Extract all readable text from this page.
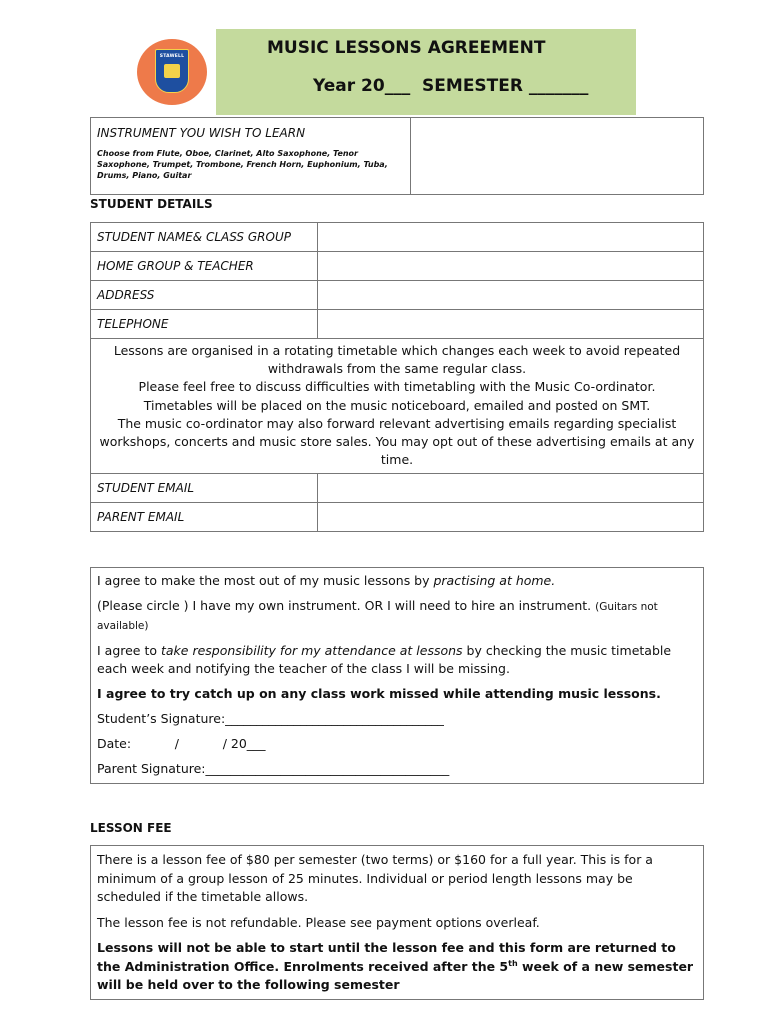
STAWELL	MUSIC LESSONS AGREEMENT
Year 20___  SEMESTER _______
INSTRUMENT YOU WISH TO LEARN
Choose from Flute, Oboe, Clarinet, Alto Saxophone, Tenor Saxophone, Trumpet, Trombone, French Horn, Euphonium, Tuba, Drums, Piano, Guitar

STUDENT DETAILS
STUDENT NAME& CLASS GROUP	
HOME GROUP & TEACHER	
ADDRESS	
TELEPHONE	

Lessons are organised in a rotating timetable which changes each week to avoid repeated withdrawals from the same regular class.
Please feel free to discuss difficulties with timetabling with the Music Co-ordinator.
Timetables will be placed on the music noticeboard, emailed and posted on SMT.
The music co-ordinator may also forward relevant advertising emails regarding specialist workshops, concerts and music store sales. You may opt out of these advertising emails at any time.	

STUDENT EMAIL	
PARENT EMAIL	

I agree to make the most out of my music lessons by practising at home.

(Please circle ) I have my own instrument. OR I will need to hire an instrument. (Guitars not available)

I agree to take responsibility for my attendance at lessons by checking the music timetable each week and notifying the teacher of the class I will be missing.

I agree to try catch up on any class work missed while attending music lessons.

Student’s Signature:___________________________________

Date:           /           / 20___

Parent Signature:_______________________________________

LESSON FEE

There is a lesson fee of $80 per semester (two terms) or $160 for a full year. This is for a minimum of a group lesson of 25 minutes. Individual or period length lessons may be scheduled if the timetable allows.

The lesson fee is not refundable. Please see payment options overleaf.

Lessons will not be able to start until the lesson fee and this form are returned to the Administration Office. Enrolments received after the 5th week of a new semester will be held over to the following semester
